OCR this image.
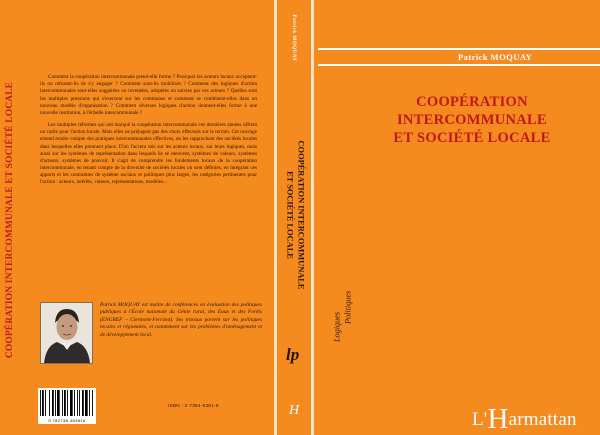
COOPÉRATION INTERCOMMUNALE ET SOCIÉTÉ LOCALE

Comment la coopération intercommunale prend-elle forme ? Pourquoi les acteurs locaux acceptent-ils ou refusent-ils de s'y engager ? Comment sont-ils mobilisés ? Comment des logiques d'action intercommunales sont-elles suggérées ou inventées, adoptées ou suivies par ces acteurs ? Quelles sont les multiples pressions qui s'exercent sur les communes et comment se combinent-elles dans un nouveau modèle d'organisation ? Comment diverses logiques d'action donnent-elles forme à une nouvelle institution, à l'échelle intercommunale ?

Les multiples réformes qui ont marqué la coopération intercommunale ces dernières années offrent un cadre pour l'action locale. Mais elles ne préjugent pas des choix effectués sur le terrain. Cet ouvrage entend rendre compte des pratiques intercommunales effectives, en les rapprochant des sociétés locales dans lesquelles elles prennent place. D'où l'accent mis sur les acteurs locaux, sur leurs logiques, mais aussi sur les systèmes de représentation dans lesquels ils se meuvent, systèmes de valeurs, systèmes d'acteurs, systèmes de pouvoir. Il s'agit de comprendre les fondements locaux de la coopération intercommunale, en tenant compte de la diversité de sociétés locales où sont définies, en intégrant ces apports et les contraintes de système sociaux et politiques plus larges, les catégories pertinentes pour l'action : acteurs, intérêts, valeurs, représentations, modèles...

Patrick MOQUAY est maître de conférences en évaluation des politiques publiques à l'École nationale du Génie rural, des Eaux et des Forêts (ENGREF – Clermont-Ferrand). Ses travaux portent sur les politiques locales et régionales, et notamment sur les problèmes d'aménagement et de développement local.
9 782738 463816
ISBN : 2-7384-6381-9
Patrick MOQUAY
COOPÉRATION INTERCOMMUNALE
ET SOCIÉTÉ LOCALE
lp
H
Patrick MOQUAY
COOPÉRATION
INTERCOMMUNALE
ET SOCIÉTÉ LOCALE
Logiques
Politiques
L'Harmattan
